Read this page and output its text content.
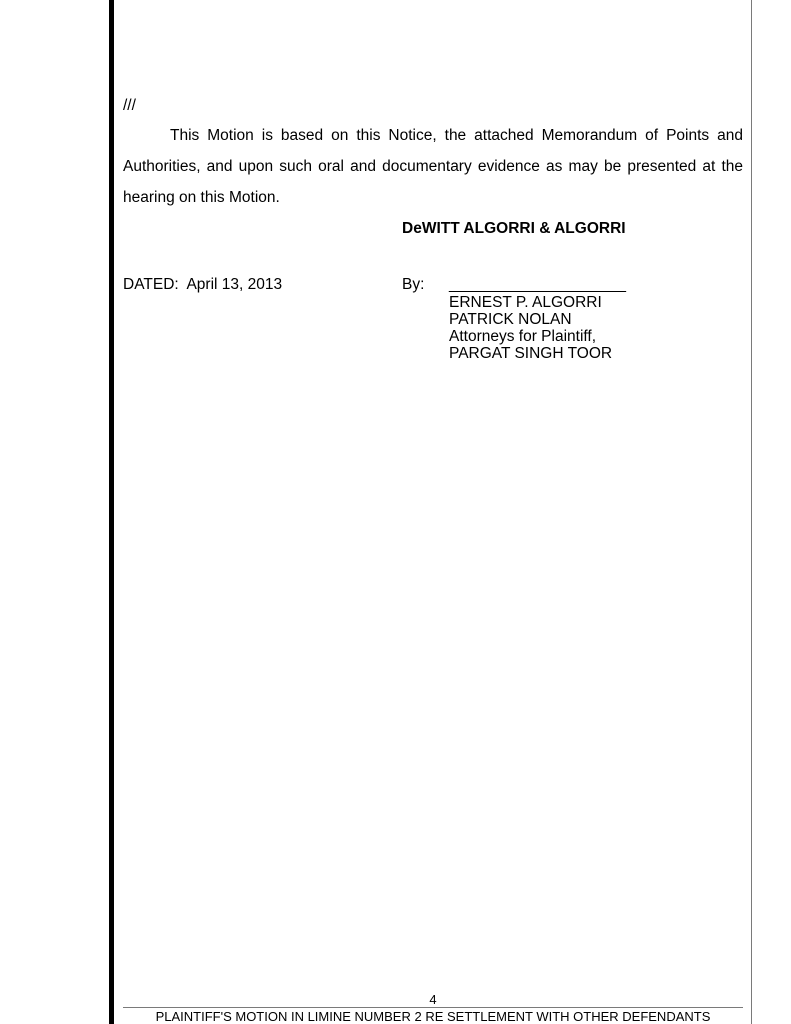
///

This Motion is based on this Notice, the attached Memorandum of Points and Authorities, and upon such oral and documentary evidence as may be presented at the hearing on this Motion.

DeWITT ALGORRI & ALGORRI
DATED:  April 13, 2013	By: _____________________
ERNEST P. ALGORRI
PATRICK NOLAN
Attorneys for Plaintiff,
PARGAT SINGH TOOR
4
PLAINTIFF'S MOTION IN LIMINE NUMBER 2 RE SETTLEMENT WITH OTHER DEFENDANTS
